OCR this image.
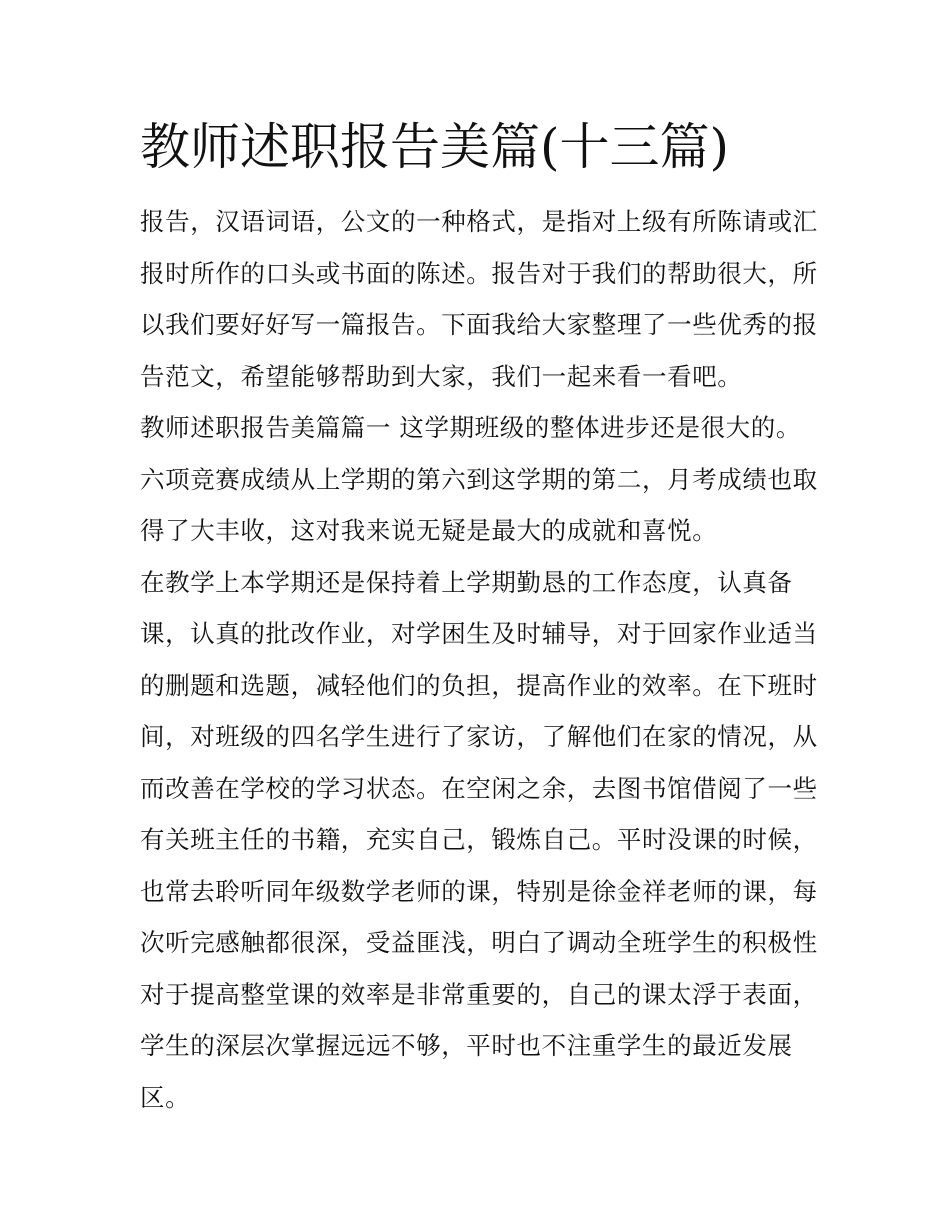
教师述职报告美篇(十三篇)
报告，汉语词语，公文的一种格式，是指对上级有所陈请或汇
报时所作的口头或书面的陈述。报告对于我们的帮助很大，所
以我们要好好写一篇报告。下面我给大家整理了一些优秀的报
告范文，希望能够帮助到大家，我们一起来看一看吧。
教师述职报告美篇篇一 这学期班级的整体进步还是很大的。
六项竞赛成绩从上学期的第六到这学期的第二，月考成绩也取
得了大丰收，这对我来说无疑是最大的成就和喜悦。
在教学上本学期还是保持着上学期勤恳的工作态度，认真备
课，认真的批改作业，对学困生及时辅导，对于回家作业适当
的删题和选题，减轻他们的负担，提高作业的效率。在下班时
间，对班级的四名学生进行了家访，了解他们在家的情况，从
而改善在学校的学习状态。在空闲之余，去图书馆借阅了一些
有关班主任的书籍，充实自己，锻炼自己。平时没课的时候，
也常去聆听同年级数学老师的课，特别是徐金祥老师的课，每
次听完感触都很深，受益匪浅，明白了调动全班学生的积极性
对于提高整堂课的效率是非常重要的，自己的课太浮于表面，
学生的深层次掌握远远不够，平时也不注重学生的最近发展
区。
